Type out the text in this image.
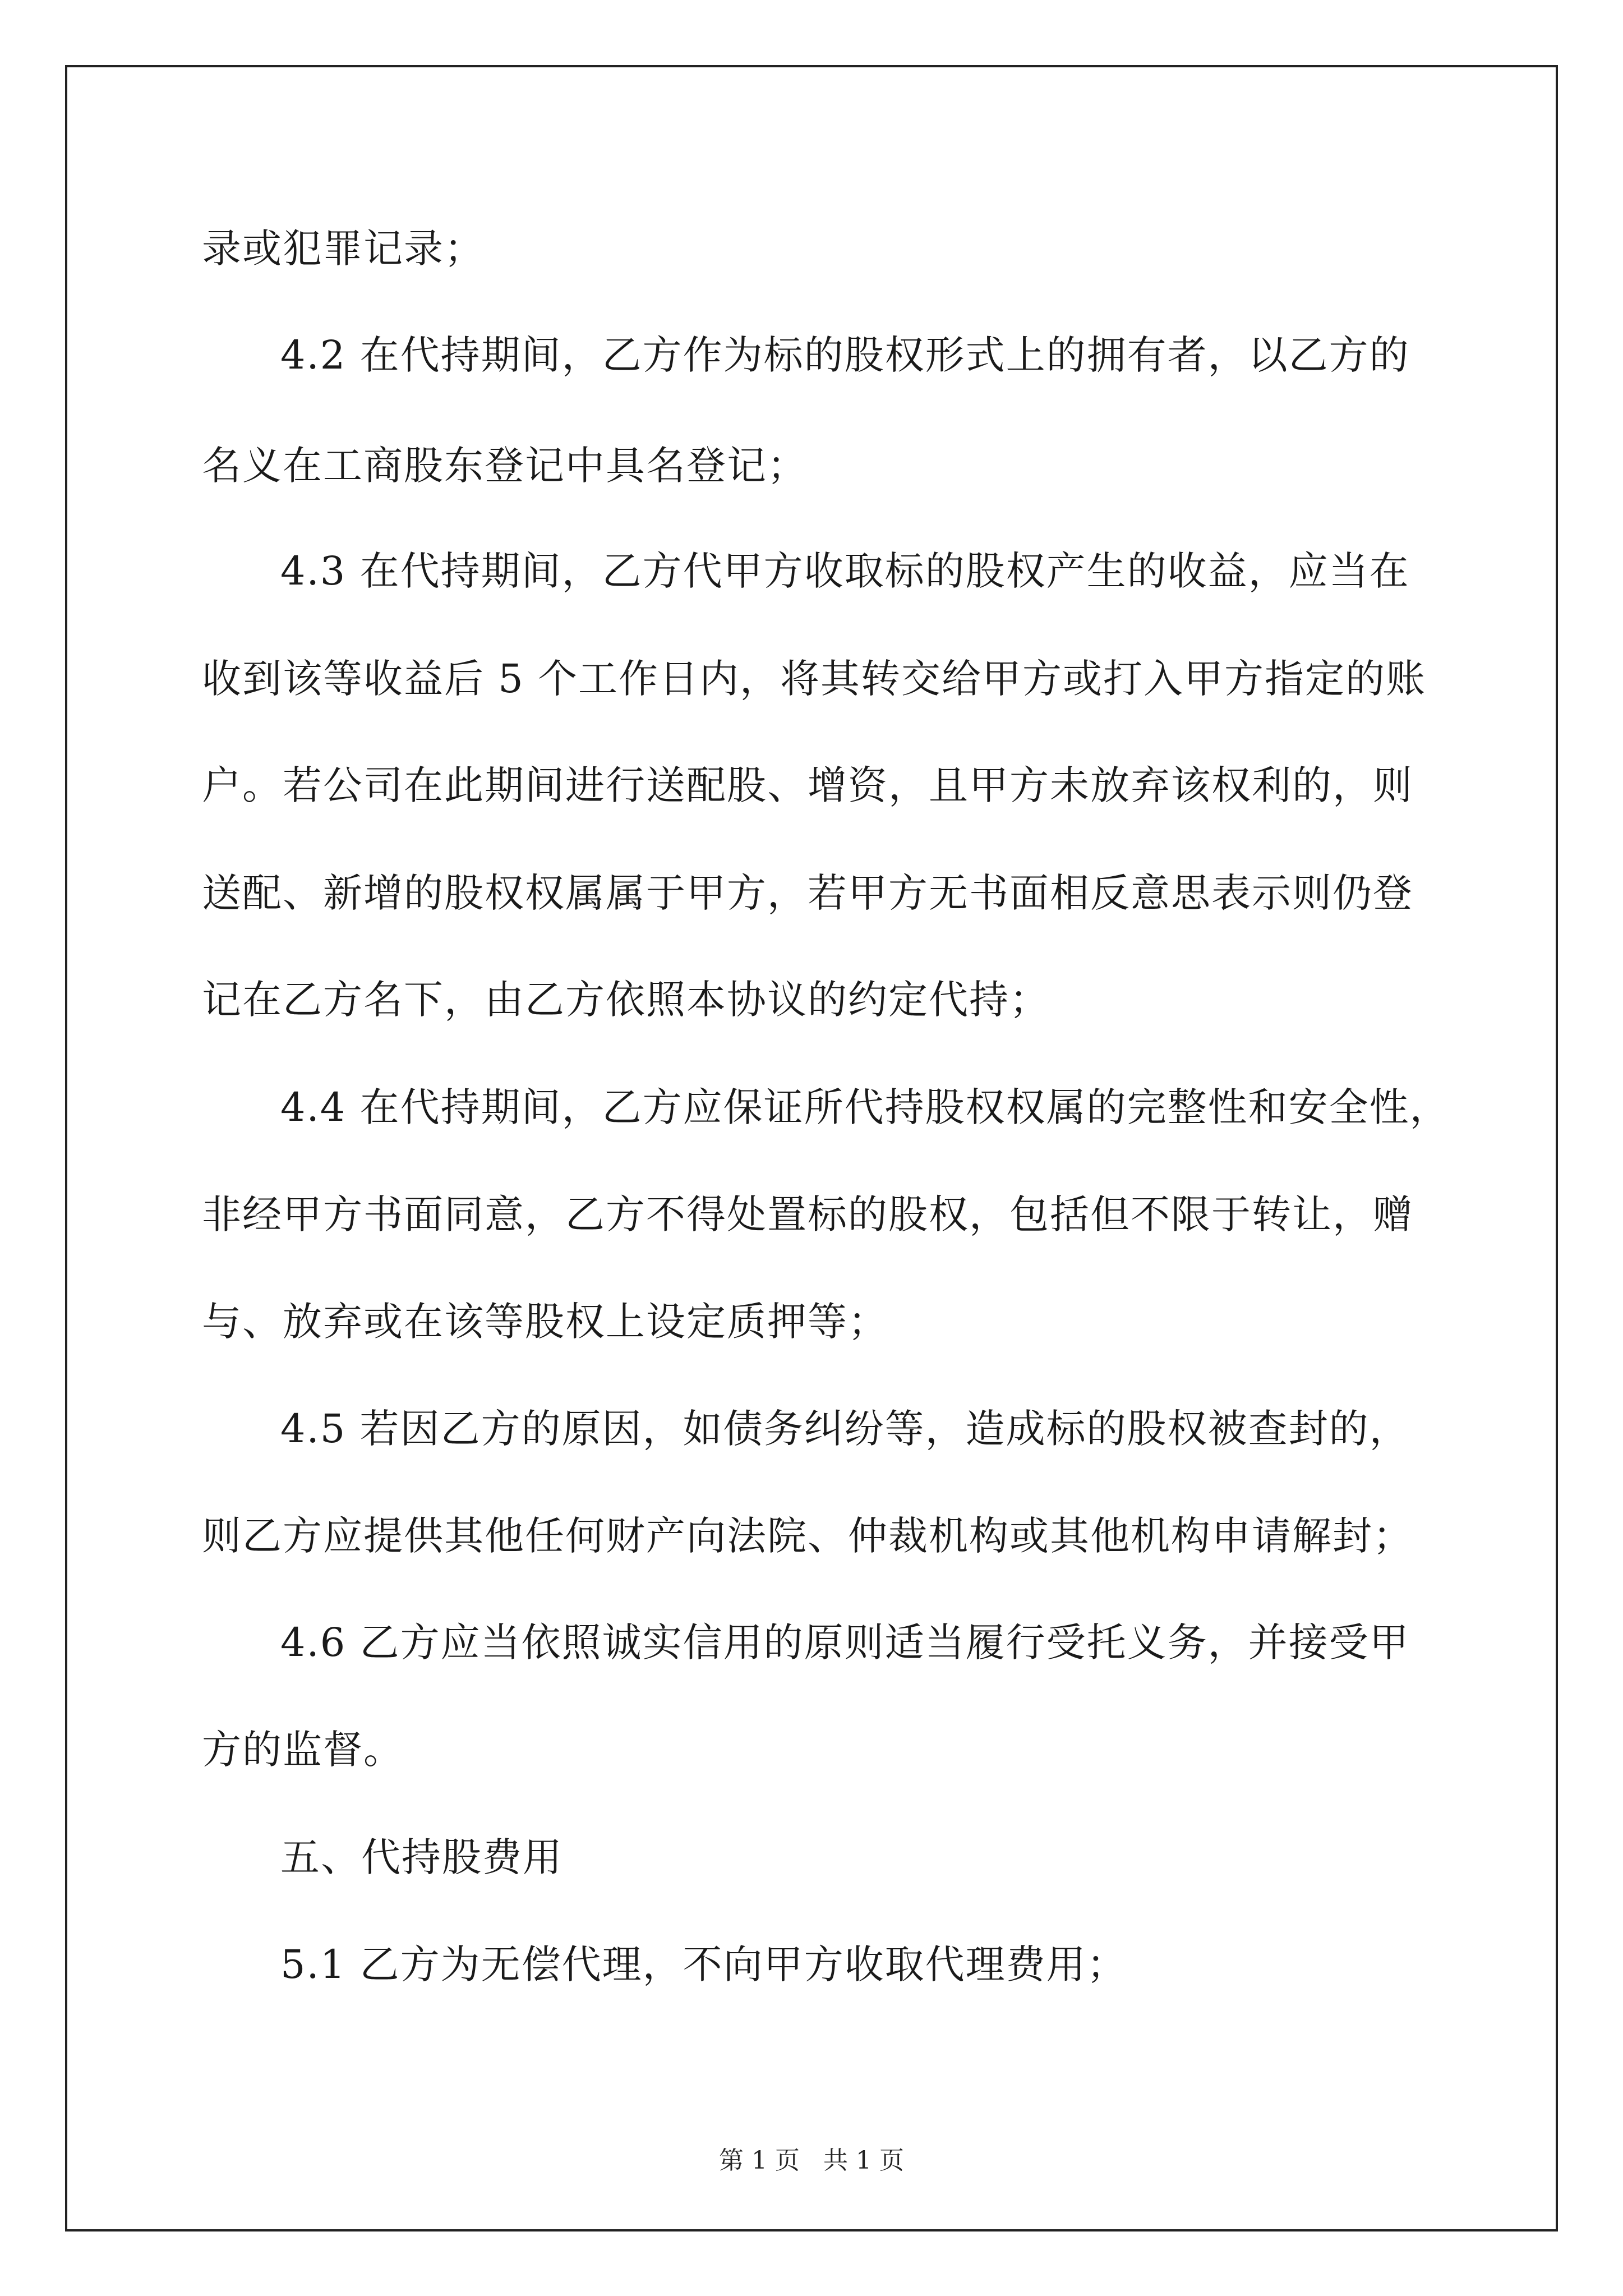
录或犯罪记录；
4.2 在代持期间，乙方作为标的股权形式上的拥有者，以乙方的
名义在工商股东登记中具名登记；
4.3 在代持期间，乙方代甲方收取标的股权产生的收益，应当在
收到该等收益后 5 个工作日内，将其转交给甲方或打入甲方指定的账
户。若公司在此期间进行送配股、增资，且甲方未放弃该权利的，则
送配、新增的股权权属属于甲方，若甲方无书面相反意思表示则仍登
记在乙方名下，由乙方依照本协议的约定代持；
4.4 在代持期间，乙方应保证所代持股权权属的完整性和安全性，
非经甲方书面同意，乙方不得处置标的股权，包括但不限于转让，赠
与、放弃或在该等股权上设定质押等；
4.5 若因乙方的原因，如债务纠纷等，造成标的股权被查封的，
则乙方应提供其他任何财产向法院、仲裁机构或其他机构申请解封；
4.6 乙方应当依照诚实信用的原则适当履行受托义务，并接受甲
方的监督。
五、代持股费用
5.1 乙方为无偿代理，不向甲方收取代理费用；
第 1 页 共 1 页
